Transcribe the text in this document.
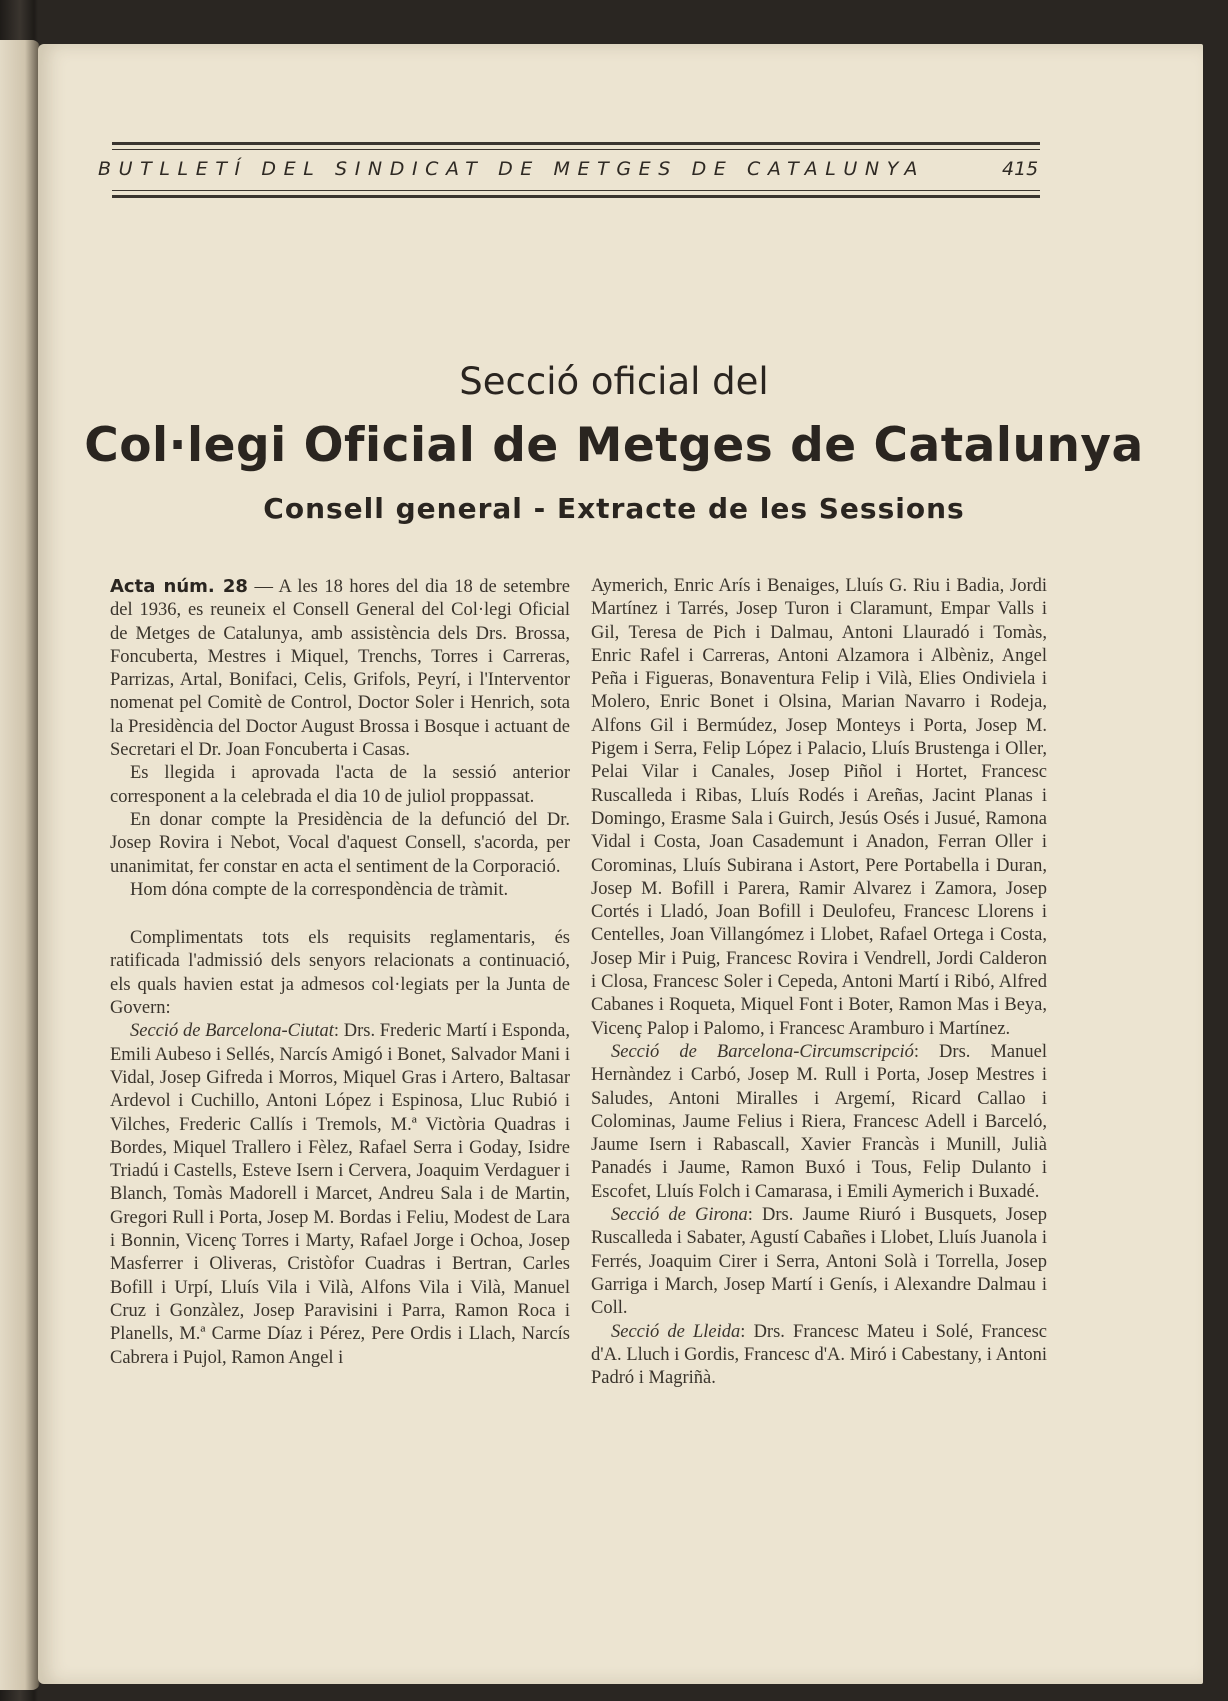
BUTLLETÍ DEL SINDICAT DE METGES DE CATALUNYA	415
Secció oficial del
Col·legi Oficial de Metges de Catalunya
Consell general - Extracte de les Sessions

Acta núm. 28 — A les 18 hores del dia 18 de setembre del 1936, es reuneix el Consell General del Col·legi Oficial de Metges de Catalunya, amb assistència dels Drs. Brossa, Foncuberta, Mestres i Miquel, Trenchs, Torres i Carreras, Parrizas, Artal, Bonifaci, Celis, Grifols, Peyrí, i l'Interventor nomenat pel Comitè de Control, Doctor Soler i Henrich, sota la Presidència del Doctor August Brossa i Bosque i actuant de Secretari el Dr. Joan Foncuberta i Casas.

Es llegida i aprovada l'acta de la sessió anterior corresponent a la celebrada el dia 10 de juliol proppassat.

En donar compte la Presidència de la defunció del Dr. Josep Rovira i Nebot, Vocal d'aquest Consell, s'acorda, per unanimitat, fer constar en acta el sentiment de la Corporació.

Hom dóna compte de la correspondència de tràmit.

Complimentats tots els requisits reglamentaris, és ratificada l'admissió dels senyors relacionats a continuació, els quals havien estat ja admesos col·legiats per la Junta de Govern:

Secció de Barcelona-Ciutat: Drs. Frederic Martí i Esponda, Emili Aubeso i Sellés, Narcís Amigó i Bonet, Salvador Mani i Vidal, Josep Gifreda i Morros, Miquel Gras i Artero, Baltasar Ardevol i Cuchillo, Antoni López i Espinosa, Lluc Rubió i Vilches, Frederic Callís i Tremols, M.ª Victòria Quadras i Bordes, Miquel Trallero i Fèlez, Rafael Serra i Goday, Isidre Triadú i Castells, Esteve Isern i Cervera, Joaquim Verdaguer i Blanch, Tomàs Madorell i Marcet, Andreu Sala i de Martin, Gregori Rull i Porta, Josep M. Bordas i Feliu, Modest de Lara i Bonnin, Vicenç Torres i Marty, Rafael Jorge i Ochoa, Josep Masferrer i Oliveras, Cristòfor Cuadras i Bertran, Carles Bofill i Urpí, Lluís Vila i Vilà, Alfons Vila i Vilà, Manuel Cruz i Gonzàlez, Josep Paravisini i Parra, Ramon Roca i Planells, M.ª Carme Díaz i Pérez, Pere Ordis i Llach, Narcís Cabrera i Pujol, Ramon Angel i

Aymerich, Enric Arís i Benaiges, Lluís G. Riu i Badia, Jordi Martínez i Tarrés, Josep Turon i Claramunt, Empar Valls i Gil, Teresa de Pich i Dalmau, Antoni Llauradó i Tomàs, Enric Rafel i Carreras, Antoni Alzamora i Albèniz, Angel Peña i Figueras, Bonaventura Felip i Vilà, Elies Ondiviela i Molero, Enric Bonet i Olsina, Marian Navarro i Rodeja, Alfons Gil i Bermúdez, Josep Monteys i Porta, Josep M. Pigem i Serra, Felip López i Palacio, Lluís Brustenga i Oller, Pelai Vilar i Canales, Josep Piñol i Hortet, Francesc Ruscalleda i Ribas, Lluís Rodés i Areñas, Jacint Planas i Domingo, Erasme Sala i Guirch, Jesús Osés i Jusué, Ramona Vidal i Costa, Joan Casademunt i Anadon, Ferran Oller i Corominas, Lluís Subirana i Astort, Pere Portabella i Duran, Josep M. Bofill i Parera, Ramir Alvarez i Zamora, Josep Cortés i Lladó, Joan Bofill i Deulofeu, Francesc Llorens i Centelles, Joan Villangómez i Llobet, Rafael Ortega i Costa, Josep Mir i Puig, Francesc Rovira i Vendrell, Jordi Calderon i Closa, Francesc Soler i Cepeda, Antoni Martí i Ribó, Alfred Cabanes i Roqueta, Miquel Font i Boter, Ramon Mas i Beya, Vicenç Palop i Palomo, i Francesc Aramburo i Martínez.

Secció de Barcelona-Circumscripció: Drs. Manuel Hernàndez i Carbó, Josep M. Rull i Porta, Josep Mestres i Saludes, Antoni Miralles i Argemí, Ricard Callao i Colominas, Jaume Felius i Riera, Francesc Adell i Barceló, Jaume Isern i Rabascall, Xavier Francàs i Munill, Julià Panadés i Jaume, Ramon Buxó i Tous, Felip Dulanto i Escofet, Lluís Folch i Camarasa, i Emili Aymerich i Buxadé.

Secció de Girona: Drs. Jaume Riuró i Busquets, Josep Ruscalleda i Sabater, Agustí Cabañes i Llobet, Lluís Juanola i Ferrés, Joaquim Cirer i Serra, Antoni Solà i Torrella, Josep Garriga i March, Josep Martí i Genís, i Alexandre Dalmau i Coll.

Secció de Lleida: Drs. Francesc Mateu i Solé, Francesc d'A. Lluch i Gordis, Francesc d'A. Miró i Cabestany, i Antoni Padró i Magriñà.
